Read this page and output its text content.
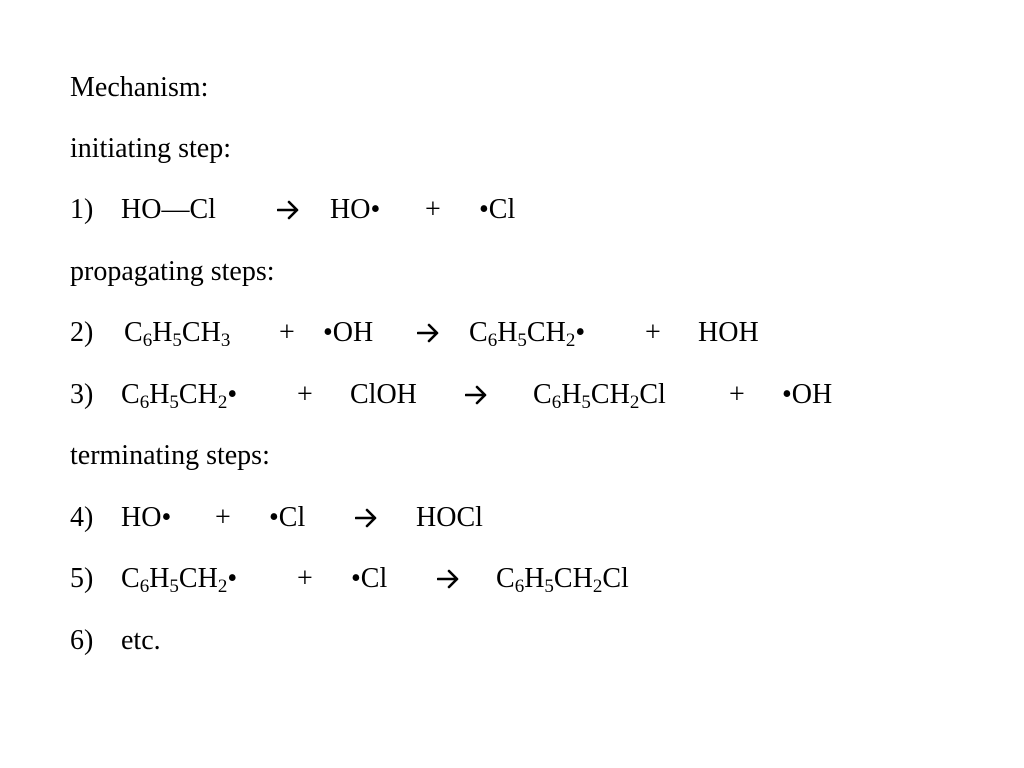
Mechanism:
initiating step:
1) HO—Cl	HO• + •Cl
propagating steps:
2) $C_6H_5CH_3$ + •OH	$C_6H_5CH_2•$ + HOH
3) $C_6H_5CH_2•$ + ClOH	$C_6H_5CH_2Cl$ + •OH
terminating steps:
4) HO• + •Cl	HOCl
5) $C_6H_5CH_2•$ + •Cl	$C_6H_5CH_2Cl$
6) etc.
